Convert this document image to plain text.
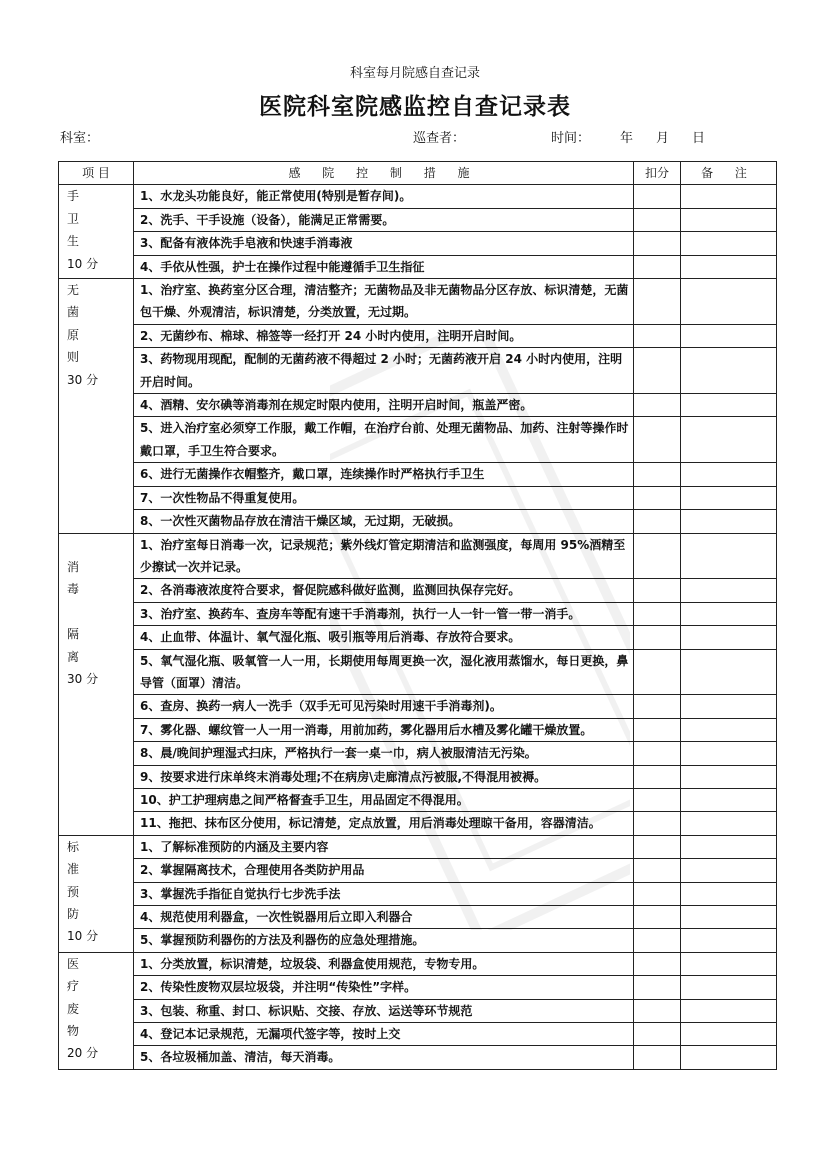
科室每月院感自查记录
医院科室院感监控自查记录表
科室：	巡查者：	时间： 年 月 日
项 目	感 院 控 制 措 施	扣分	备 注

手
卫
生
10 分	1、水龙头功能良好，能正常使用(特别是暂存间)。		
	2、洗手、干手设施（设备），能满足正常需要。		
	3、配备有液体洗手皂液和快速手消毒液		
	4、手依从性强，护士在操作过程中能遵循手卫生指征		

无
菌
原
则
30 分	1、治疗室、换药室分区合理，清洁整齐；无菌物品及非无菌物品分区存放、标识清楚，无菌包干燥、外观清洁，标识清楚，分类放置，无过期。		
	2、无菌纱布、棉球、棉签等一经打开 24 小时内使用，注明开启时间。		
	3、药物现用现配，配制的无菌药液不得超过 2 小时；无菌药液开启 24 小时内使用，注明开启时间。		
	4、酒精、安尔碘等消毒剂在规定时限内使用，注明开启时间，瓶盖严密。		
	5、进入治疗室必须穿工作服，戴工作帽，在治疗台前、处理无菌物品、加药、注射等操作时戴口罩，手卫生符合要求。		
	6、进行无菌操作衣帽整齐，戴口罩，连续操作时严格执行手卫生		
	7、一次性物品不得重复使用。		
	8、一次性灭菌物品存放在清洁干燥区域，无过期，无破损。		

消
毒

隔
离
30 分	1、治疗室每日消毒一次，记录规范；紫外线灯管定期清洁和监测强度，每周用 95%酒精至少擦试一次并记录。		
	2、各消毒液浓度符合要求，督促院感科做好监测，监测回执保存完好。		
	3、治疗室、换药车、查房车等配有速干手消毒剂，执行一人一针一管一带一消手。		
	4、止血带、体温计、氧气湿化瓶、吸引瓶等用后消毒、存放符合要求。		
	5、氧气湿化瓶、吸氧管一人一用，长期使用每周更换一次，湿化液用蒸馏水，每日更换，鼻导管（面罩）清洁。		
	6、查房、换药一病人一洗手（双手无可见污染时用速干手消毒剂)。		
	7、雾化器、螺纹管一人一用一消毒，用前加药，雾化器用后水槽及雾化罐干燥放置。		
	8、晨/晚间护理湿式扫床，严格执行一套一桌一巾，病人被服清洁无污染。		
	9、按要求进行床单终末消毒处理;不在病房\走廊清点污被服,不得混用被褥。		
	10、护工护理病患之间严格督查手卫生，用品固定不得混用。		
	11、拖把、抹布区分使用，标记清楚，定点放置，用后消毒处理晾干备用，容器清洁。		

标
准
预
防
10 分	1、了解标准预防的内涵及主要内容		
	2、掌握隔离技术，合理使用各类防护用品		
	3、掌握洗手指征自觉执行七步洗手法		
	4、规范使用利器盒，一次性锐器用后立即入利器合		
	5、掌握预防利器伤的方法及利器伤的应急处理措施。		

医
疗
废
物
20 分	1、分类放置，标识清楚，垃圾袋、利器盒使用规范，专物专用。		
	2、传染性废物双层垃圾袋，并注明“传染性”字样。		
	3、包装、称重、封口、标识贴、交接、存放、运送等环节规范		
	4、登记本记录规范，无漏项代签字等，按时上交		
	5、各垃圾桶加盖、清洁，每天消毒。		
